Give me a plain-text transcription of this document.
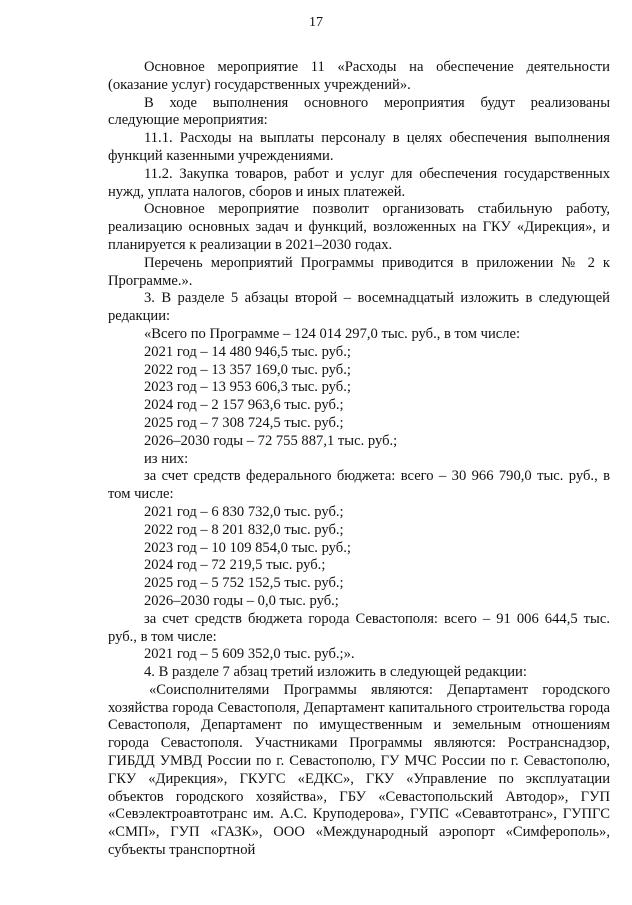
17

Основное мероприятие 11 «Расходы на обеспечение деятельности (оказание услуг) государственных учреждений».

В ходе выполнения основного мероприятия будут реализованы следующие мероприятия:

11.1. Расходы на выплаты персоналу в целях обеспечения выполнения функций казенными учреждениями.

11.2. Закупка товаров, работ и услуг для обеспечения государственных нужд, уплата налогов, сборов и иных платежей.

Основное мероприятие позволит организовать стабильную работу, реализацию основных задач и функций, возложенных на ГКУ «Дирекция», и планируется к реализации в 2021–2030 годах.

Перечень мероприятий Программы приводится в приложении № 2 к Программе.».

3. В разделе 5 абзацы второй – восемнадцатый изложить в следующей редакции:

«Всего по Программе – 124 014 297,0 тыс. руб., в том числе:

2021 год – 14 480 946,5 тыс. руб.;

2022 год – 13 357 169,0 тыс. руб.;

2023 год – 13 953 606,3 тыс. руб.;

2024 год – 2 157 963,6 тыс. руб.;

2025 год – 7 308 724,5 тыс. руб.;

2026–2030 годы – 72 755 887,1 тыс. руб.;

из них:

за счет средств федерального бюджета: всего – 30 966 790,0 тыс. руб., в том числе:

2021 год – 6 830 732,0 тыс. руб.;

2022 год – 8 201 832,0 тыс. руб.;

2023 год – 10 109 854,0 тыс. руб.;

2024 год – 72 219,5 тыс. руб.;

2025 год – 5 752 152,5 тыс. руб.;

2026–2030 годы – 0,0 тыс. руб.;

за счет средств бюджета города Севастополя: всего – 91 006 644,5 тыс. руб., в том числе:

2021 год – 5 609 352,0 тыс. руб.;».

4. В разделе 7 абзац третий изложить в следующей редакции:

«Соисполнителями Программы являются: Департамент городского хозяйства города Севастополя, Департамент капитального строительства города Севастополя, Департамент по имущественным и земельным отношениям города Севастополя. Участниками Программы являются: Ространснадзор, ГИБДД УМВД России по г. Севастополю, ГУ МЧС России по г. Севастополю, ГКУ «Дирекция», ГКУГС «ЕДКС», ГКУ «Управление по эксплуатации объектов городского хозяйства», ГБУ «Севастопольский Автодор», ГУП «Севэлектроавтотранс им. А.С. Круподерова», ГУПС «Севавтотранс», ГУПГС «СМП», ГУП «ГАЗК», ООО «Международный аэропорт «Симферополь», субъекты транспортной
